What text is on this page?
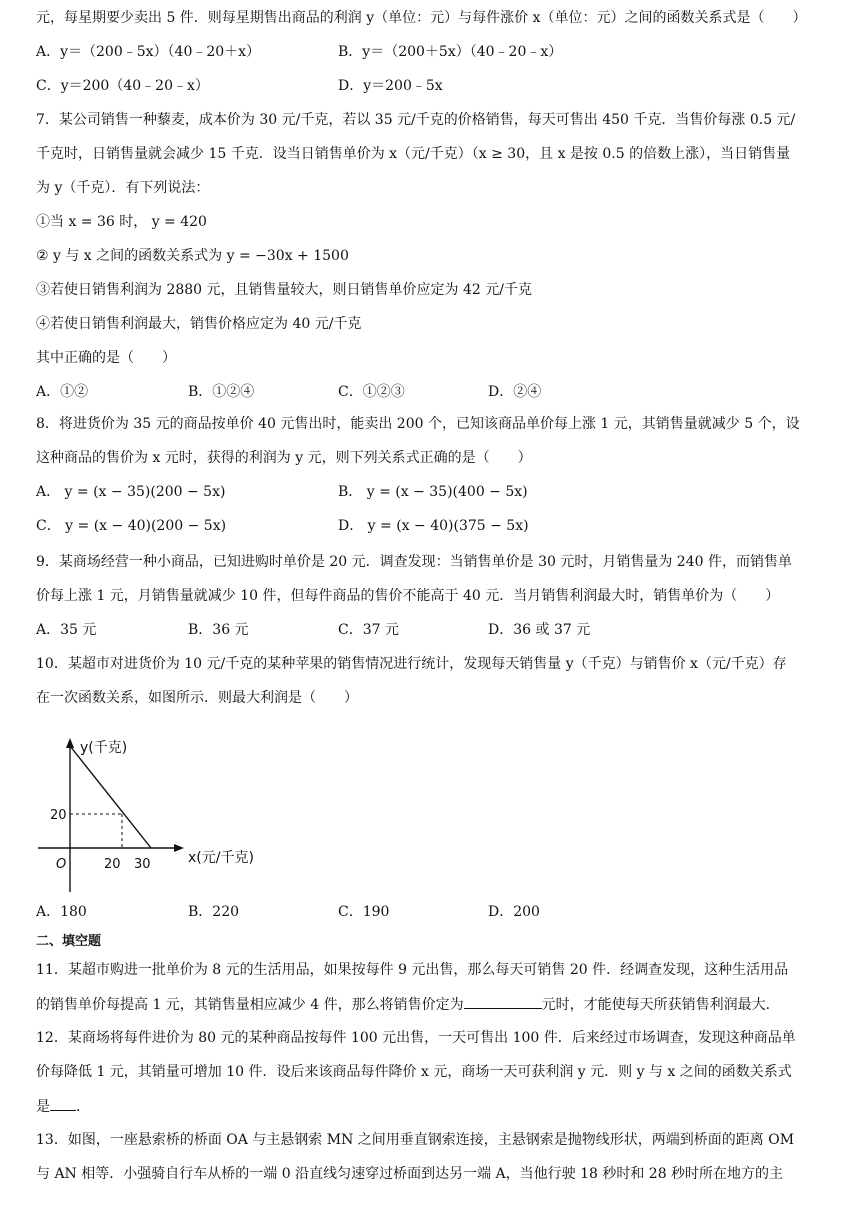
元，每星期要少卖出 5 件．则每星期售出商品的利润 y（单位：元）与每件涨价 x（单位：元）之间的函数关系式是（　　）
A．y＝（200﹣5x）（40﹣20＋x）	B．y＝（200＋5x）（40﹣20﹣x）
C．y＝200（40﹣20﹣x）	D．y＝200﹣5x
7．某公司销售一种藜麦，成本价为 30 元/千克，若以 35 元/千克的价格销售，每天可售出 450 千克．当售价每涨 0.5 元/
千克时，日销售量就会减少 15 千克．设当日销售单价为 x（元/千克）（x ≥ 30，且 x 是按 0.5 的倍数上涨），当日销售量
为 y（千克）．有下列说法：
①当 x = 36 时， y = 420
② y 与 x 之间的函数关系式为 y = −30x + 1500
③若使日销售利润为 2880 元，且销售量较大，则日销售单价应定为 42 元/千克
④若使日销售利润最大，销售价格应定为 40 元/千克
其中正确的是（　　）
A．①②	B．①②④	C．①②③	D．②④
8．将进货价为 35 元的商品按单价 40 元售出时，能卖出 200 个，已知该商品单价每上涨 1 元，其销售量就减少 5 个，设
这种商品的售价为 x 元时，获得的利润为 y 元，则下列关系式正确的是（　　）
A． y = (x − 35)(200 − 5x)	B． y = (x − 35)(400 − 5x)
C． y = (x − 40)(200 − 5x)	D． y = (x − 40)(375 − 5x)
9．某商场经营一种小商品，已知进购时单价是 20 元．调查发现：当销售单价是 30 元时，月销售量为 240 件，而销售单
价每上涨 1 元，月销售量就减少 10 件，但每件商品的售价不能高于 40 元．当月销售利润最大时，销售单价为（　　）
A．35 元	B．36 元	C．37 元	D．36 或 37 元
10．某超市对进货价为 10 元/千克的某种苹果的销售情况进行统计，发现每天销售量 y（千克）与销售价 x（元/千克）存
在一次函数关系，如图所示．则最大利润是（　　）
y(千克)
x(元/千克)
O
20
20 30
A．180	B．220	C．190	D．200
二、填空题
11．某超市购进一批单价为 8 元的生活用品，如果按每件 9 元出售，那么每天可销售 20 件．经调查发现，这种生活用品
的销售单价每提高 1 元，其销售量相应减少 4 件，那么将销售价定为	元时，才能使每天所获销售利润最大．
12．某商场将每件进价为 80 元的某种商品按每件 100 元出售，一天可售出 100 件．后来经过市场调查，发现这种商品单
价每降低 1 元，其销量可增加 10 件．设后来该商品每件降价 x 元，商场一天可获利润 y 元．则 y 与 x 之间的函数关系式
是 .
13．如图，一座悬索桥的桥面 OA 与主悬钢索 MN 之间用垂直钢索连接，主悬钢索是抛物线形状，两端到桥面的距离 OM
与 AN 相等．小强骑自行车从桥的一端 0 沿直线匀速穿过桥面到达另一端 A，当他行驶 18 秒时和 28 秒时所在地方的主
